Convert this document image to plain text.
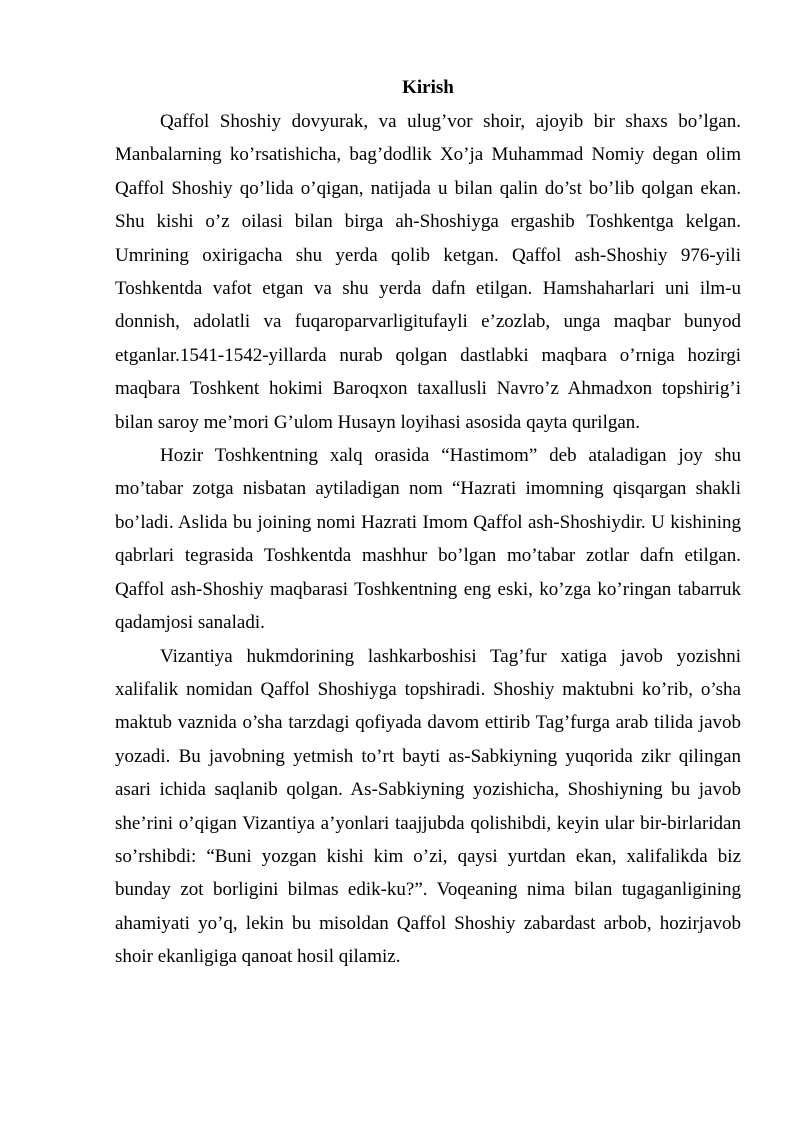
Kirish

Qaffol Shoshiy dovyurak, va ulug’vor shoir, ajoyib bir shaxs bo’lgan. Manbalarning ko’rsatishicha, bag’dodlik Xo’ja Muhammad Nomiy degan olim Qaffol Shoshiy qo’lida o’qigan, natijada u bilan qalin do’st bo’lib qolgan ekan. Shu kishi o’z oilasi bilan birga ah-Shoshiyga ergashib Toshkentga kelgan. Umrining oxirigacha shu yerda qolib ketgan. Qaffol ash-Shoshiy 976-yili Toshkentda vafot etgan va shu yerda dafn etilgan. Hamshaharlari uni ilm-u donnish, adolatli va fuqaroparvarligitufayli e’zozlab, unga maqbar bunyod etganlar.1541-1542-yillarda nurab qolgan dastlabki maqbara o’rniga hozirgi maqbara Toshkent hokimi Baroqxon taxallusli Navro’z Ahmadxon topshirig’i bilan saroy me’mori G’ulom Husayn loyihasi asosida qayta qurilgan.

Hozir Toshkentning xalq orasida “Hastimom” deb ataladigan joy shu mo’tabar zotga nisbatan aytiladigan nom “Hazrati imomning qisqargan shakli bo’ladi. Aslida bu joining nomi Hazrati Imom Qaffol ash-Shoshiydir. U kishining qabrlari tegrasida Toshkentda mashhur bo’lgan mo’tabar zotlar dafn etilgan. Qaffol ash-Shoshiy maqbarasi Toshkentning eng eski, ko’zga ko’ringan tabarruk qadamjosi sanaladi.

Vizantiya hukmdorining lashkarboshisi Tag’fur xatiga javob yozishni xalifalik nomidan Qaffol Shoshiyga topshiradi. Shoshiy maktubni ko’rib, o’sha maktub vaznida o’sha tarzdagi qofiyada davom ettirib Tag’furga arab tilida javob yozadi. Bu javobning yetmish to’rt bayti as-Sabkiyning yuqorida zikr qilingan asari ichida saqlanib qolgan. As-Sabkiyning yozishicha, Shoshiyning bu javob she’rini o’qigan Vizantiya a’yonlari taajjubda qolishibdi, keyin ular bir-birlaridan so’rshibdi: “Buni yozgan kishi kim o’zi, qaysi yurtdan ekan, xalifalikda biz bunday zot borligini bilmas edik-ku?”. Voqeaning nima bilan tugaganligining ahamiyati yo’q, lekin bu misoldan Qaffol Shoshiy zabardast arbob, hozirjavob shoir ekanligiga qanoat hosil qilamiz.
